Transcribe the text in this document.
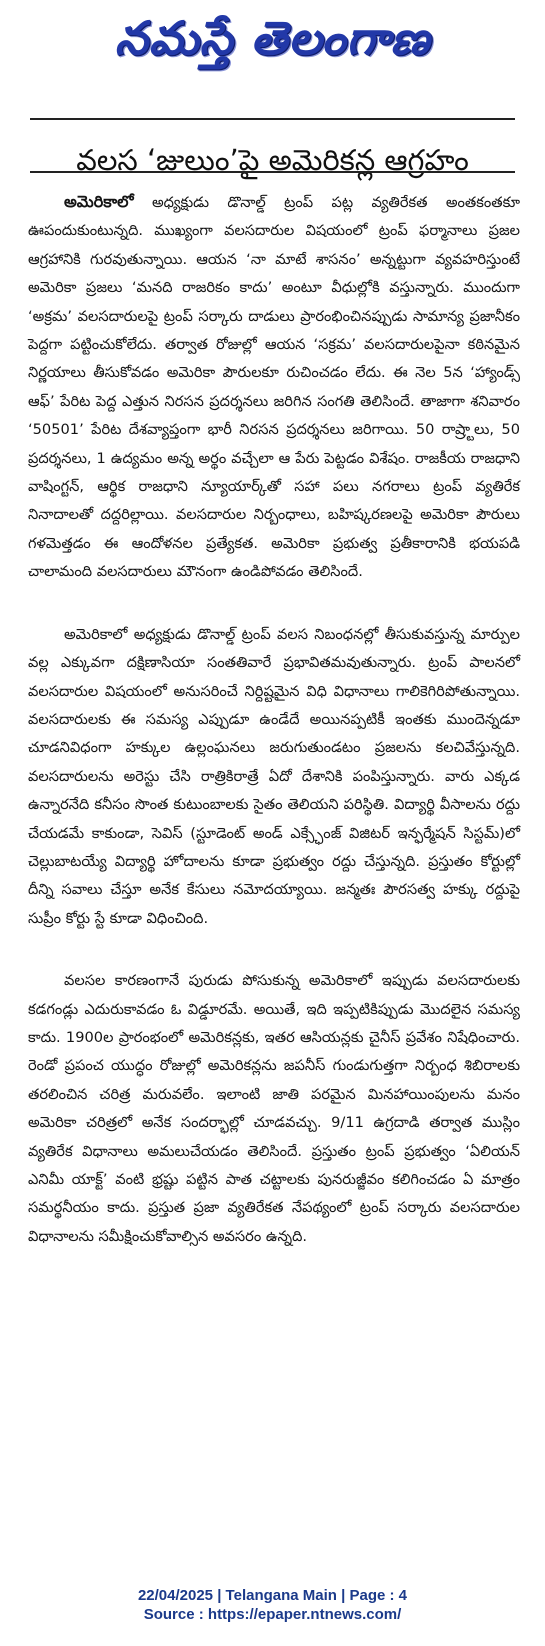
నమస్తే తెలంగాణ
వలస ‘జులుం’పై అమెరికన్ల ఆగ్రహం

అమెరికాలో అధ్యక్షుడు డొనాల్డ్ ట్రంప్ పట్ల వ్యతిరేకత అంతకంతకూ ఊపందుకుంటున్నది. ముఖ్యంగా వలసదారుల విషయంలో ట్రంప్ ఫర్మానాలు ప్రజల ఆగ్రహానికి గురవుతున్నాయి. ఆయన ‘నా మాటే శాసనం’ అన్నట్టుగా వ్యవహరిస్తుంటే అమెరికా ప్రజలు ‘మనది రాజరికం కాదు’ అంటూ వీధుల్లోకి వస్తున్నారు. ముందుగా ‘అక్రమ’ వలసదారులపై ట్రంప్ సర్కారు దాడులు ప్రారంభించినప్పుడు సామాన్య ప్రజానీకం పెద్దగా పట్టించుకోలేదు. తర్వాత రోజుల్లో ఆయన ‘సక్రమ’ వలసదారులపైనా కఠినమైన నిర్ణయాలు తీసుకోవడం అమెరికా పౌరులకూ రుచించడం లేదు. ఈ నెల 5న ‘హ్యాండ్స్ ఆఫ్’ పేరిట పెద్ద ఎత్తున నిరసన ప్రదర్శనలు జరిగిన సంగతి తెలిసిందే. తాజాగా శనివారం ‘50501’ పేరిట దేశవ్యాప్తంగా భారీ నిరసన ప్రదర్శనలు జరిగాయి. 50 రాష్ర్టాలు, 50 ప్రదర్శనలు, 1 ఉద్యమం అన్న అర్థం వచ్చేలా ఆ పేరు పెట్టడం విశేషం. రాజకీయ రాజధాని వాషింగ్టన్, ఆర్థిక రాజధాని న్యూయార్క్‌తో సహా పలు నగరాలు ట్రంప్ వ్యతిరేక నినాదాలతో దద్దరిల్లాయి. వలసదారుల నిర్బంధాలు, బహిష్కరణలపై అమెరికా పౌరులు గళమెత్తడం ఈ ఆందోళనల ప్రత్యేకత. అమెరికా ప్రభుత్వ ప్రతీకారానికి భయపడి చాలామంది వలసదారులు మౌనంగా ఉండిపోవడం తెలిసిందే.

అమెరికాలో అధ్యక్షుడు డొనాల్డ్ ట్రంప్ వలస నిబంధనల్లో తీసుకువస్తున్న మార్పుల వల్ల ఎక్కువగా దక్షిణాసియా సంతతివారే ప్రభావితమవుతున్నారు. ట్రంప్ పాలనలో వలసదారుల విషయంలో అనుసరించే నిర్దిష్టమైన విధి విధానాలు గాలికెగిరిపోతున్నాయి. వలసదారులకు ఈ సమస్య ఎప్పుడూ ఉండేదే అయినప్పటికీ ఇంతకు ముందెన్నడూ చూడనివిధంగా హక్కుల ఉల్లంఘనలు జరుగుతుండటం ప్రజలను కలచివేస్తున్నది. వలసదారులను అరెస్టు చేసి రాత్రికిరాత్రే ఏదో దేశానికి పంపిస్తున్నారు. వారు ఎక్కడ ఉన్నారనేది కనీసం సొంత కుటుంబాలకు సైతం తెలియని పరిస్థితి. విద్యార్థి వీసాలను రద్దు చేయడమే కాకుండా, సెవిస్ (స్టూడెంట్ అండ్ ఎక్స్ఛేంజ్ విజిటర్ ఇన్ఫర్మేషన్ సిస్టమ్)లో చెల్లుబాటయ్యే విద్యార్థి హోదాలను కూడా ప్రభుత్వం రద్దు చేస్తున్నది. ప్రస్తుతం కోర్టుల్లో దీన్ని సవాలు చేస్తూ అనేక కేసులు నమోదయ్యాయి. జన్మతః పౌరసత్వ హక్కు రద్దుపై సుప్రీం కోర్టు స్టే కూడా విధించింది.

వలసల కారణంగానే పురుడు పోసుకున్న అమెరికాలో ఇప్పుడు వలసదారులకు కడగండ్లు ఎదురుకావడం ఓ విడ్డూరమే. అయితే, ఇది ఇప్పటికిప్పుడు మొదలైన సమస్య కాదు. 1900ల ప్రారంభంలో అమెరికన్లకు, ఇతర ఆసియన్లకు చైనీస్ ప్రవేశం నిషేధించారు. రెండో ప్రపంచ యుద్ధం రోజుల్లో అమెరికన్లను జపనీస్ గుండుగుత్తగా నిర్బంధ శిబిరాలకు తరలించిన చరిత్ర మరువలేం. ఇలాంటి జాతి పరమైన మినహాయింపులను మనం అమెరికా చరిత్రలో అనేక సందర్భాల్లో చూడవచ్చు. 9/11 ఉగ్రదాడి తర్వాత ముస్లిం వ్యతిరేక విధానాలు అమలుచేయడం తెలిసిందే. ప్రస్తుతం ట్రంప్ ప్రభుత్వం ‘ఏలియన్ ఎనిమీ యాక్ట్’ వంటి భ్రష్టు పట్టిన పాత చట్టాలకు పునరుజ్జీవం కలిగించడం ఏ మాత్రం సమర్థనీయం కాదు. ప్రస్తుత ప్రజా వ్యతిరేకత నేపథ్యంలో ట్రంప్ సర్కారు వలసదారుల విధానాలను సమీక్షించుకోవాల్సిన అవసరం ఉన్నది.

22/04/2025 | Telangana Main | Page : 4

Source : https://epaper.ntnews.com/
